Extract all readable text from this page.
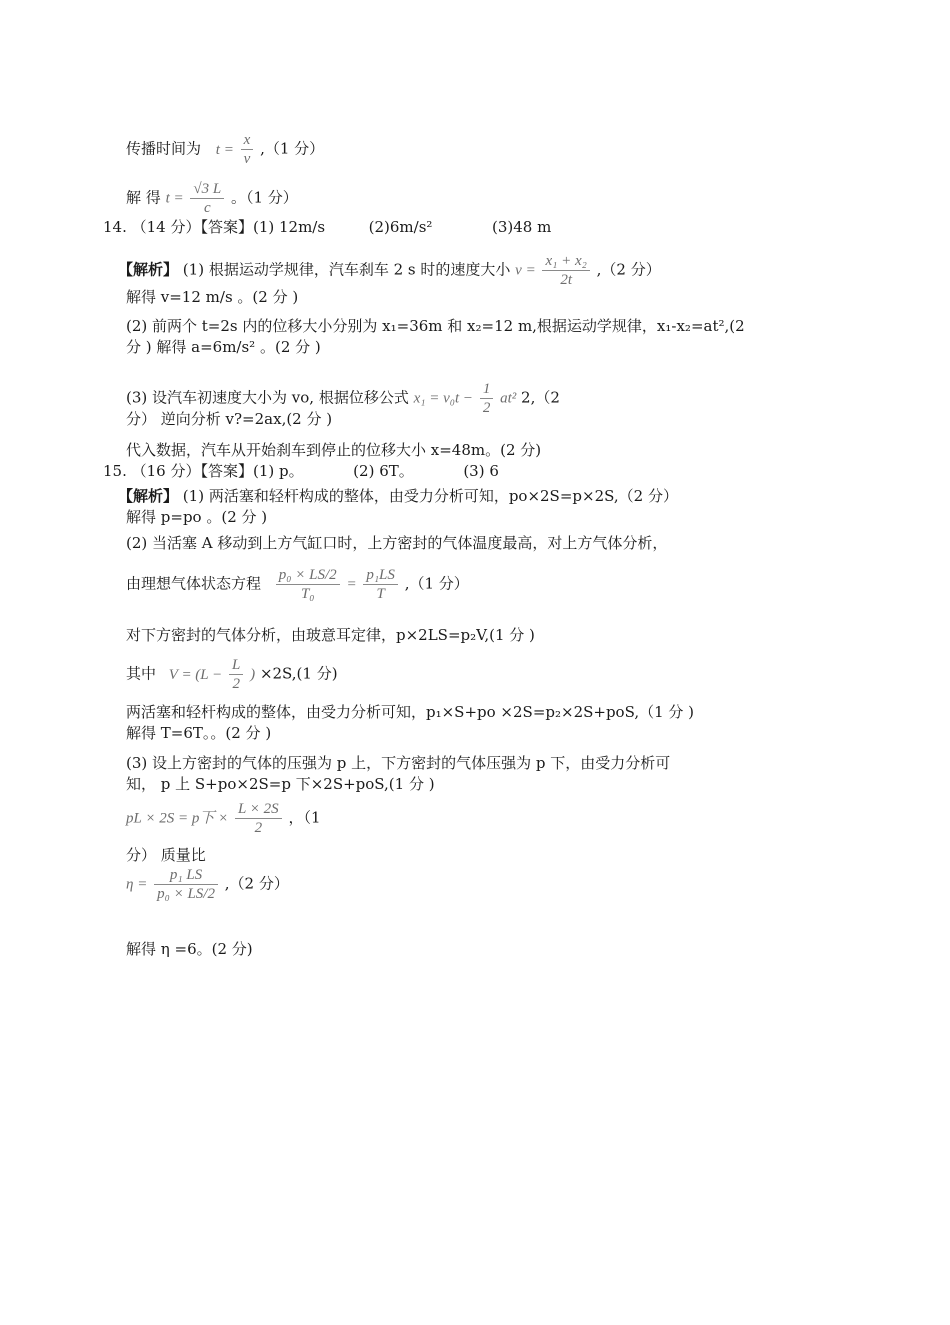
传播时间为 $t = \frac{x}{v} ,(1$ 分）
解 得 $t = \frac{√3 L}{c}$ 。（1 分）
14. （14 分）【答案】(1) 12m/s	(2)6m/s²	(3)48 m
【解析】 (1) 根据运动学规律，汽车刹车 2 s 时的速度大小 $v = \frac{\text{x₁ + x₂}}{2t} ,(2$ 分）
解得 v=12 m/s 。(2 分 )
(2) 前两个 t=2s 内的位移大小分别为 x₁=36m 和 x₂=12 m,根据运动学规律，x₁-x₂=at²,(2
分 ) 解得 a=6m/s² 。(2 分 )
(3) 设汽车初速度大小为 vo, 根据位移公式 $x_1 = v_0t - \frac{1}{2} at^2$ 2,（2
分） 逆向分析 v?=2ax,(2 分 )
代入数据，汽车从开始刹车到停止的位移大小 x=48m。(2 分)
15. （16 分）【答案】(1) p。	(2) 6T。	(3) 6
【解析】 (1) 两活塞和轻杆构成的整体，由受力分析可知，po×2S=p×2S,（2 分）
解得 p=po 。(2 分 )
(2) 当活塞 A 移动到上方气缸口时，上方密封的气体温度最高，对上方气体分析，
由理想气体状态方程 $\frac{\text{p₀ × LS/2}}{\text{T₀}} = \frac{\text{p₁LS}}{T} ,(1$ 分）
对下方密封的气体分析，由玻意耳定律，p×2LS=p₂V,(1 分 )
其中 $V = (L - \frac{L}{2}$ ) ×2S,(1 分)
两活塞和轻杆构成的整体，由受力分析可知，p₁×S+po ×2S=p₂×2S+poS,（1 分 )
解得 T=6T。。(2 分 )
(3) 设上方密封的气体的压强为 p 上，下方密封的气体压强为 p 下，由受力分析可
知， p 上 S+po×2S=p 下×2S+poS,(1 分 )
pL × 2S = p下 × $\frac{L \times 2S}{2}$ ，（1
分） 质量比
$\eta = \frac{\text{p₁ LS}}{\text{p₀ × LS/2}} ,(2$ 分）
解得 η =6。(2 分)
